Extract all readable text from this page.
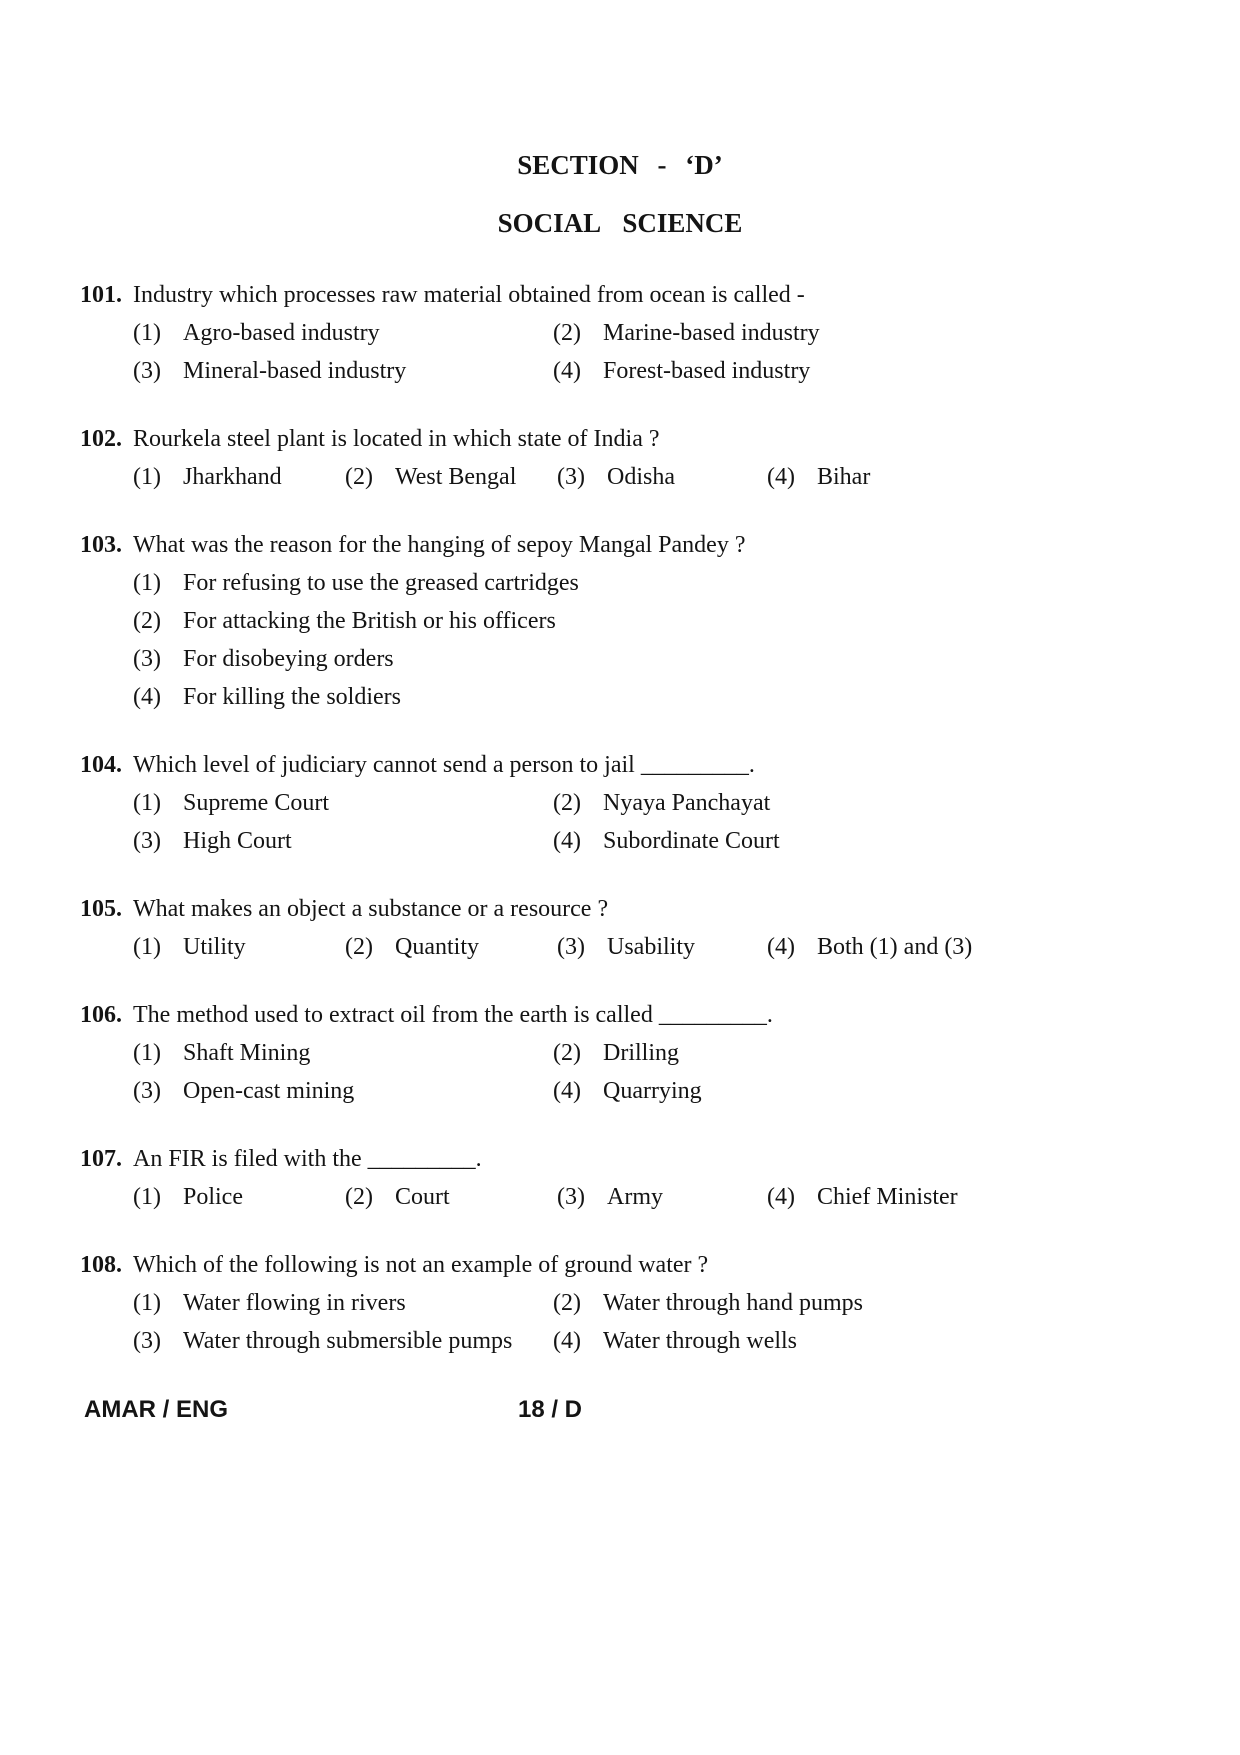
SECTION - ‘D’
SOCIAL SCIENCE
101. Industry which processes raw material obtained from ocean is called -
(1) Agro-based industry	(2) Marine-based industry
(3) Mineral-based industry	(4) Forest-based industry
102. Rourkela steel plant is located in which state of India ?
(1) Jharkhand	(2) West Bengal	(3) Odisha	(4) Bihar
103. What was the reason for the hanging of sepoy Mangal Pandey ?
(1) For refusing to use the greased cartridges
(2) For attacking the British or his officers
(3) For disobeying orders
(4) For killing the soldiers
104. Which level of judiciary cannot send a person to jail _________.
(1) Supreme Court	(2) Nyaya Panchayat
(3) High Court	(4) Subordinate Court
105. What makes an object a substance or a resource ?
(1) Utility	(2) Quantity	(3) Usability	(4) Both (1) and (3)
106. The method used to extract oil from the earth is called _________.
(1) Shaft Mining	(2) Drilling
(3) Open-cast mining	(4) Quarrying
107. An FIR is filed with the _________.
(1) Police	(2) Court	(3) Army	(4) Chief Minister
108. Which of the following is not an example of ground water ?
(1) Water flowing in rivers	(2) Water through hand pumps
(3) Water through submersible pumps	(4) Water through wells
AMAR / ENG	18 / D
